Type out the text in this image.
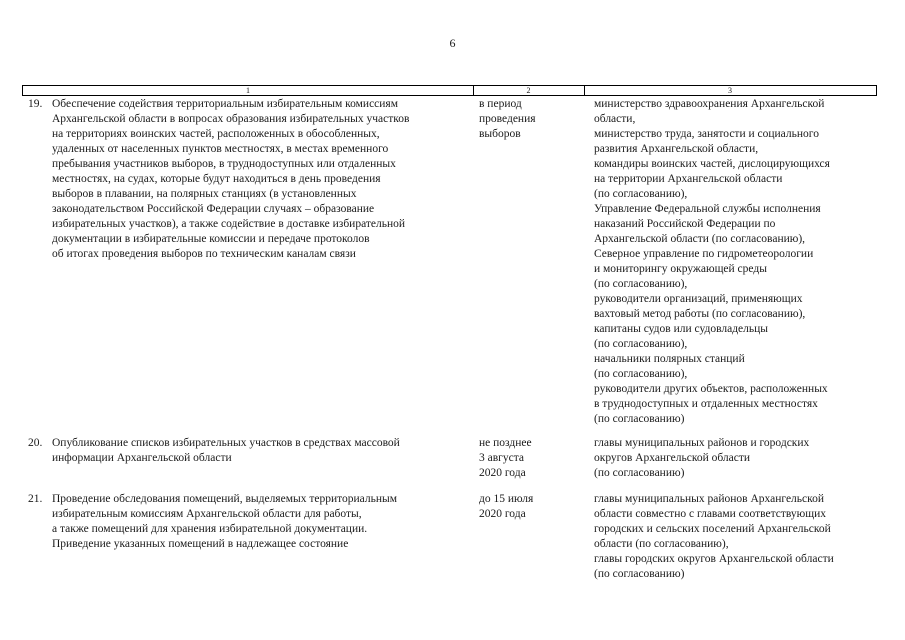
6
1	2	3
19. Обеспечение содействия территориальным избирательным комиссиям
Архангельской области в вопросах образования избирательных участков
на территориях воинских частей, расположенных в обособленных,
удаленных от населенных пунктов местностях, в местах временного
пребывания участников выборов, в труднодоступных или отдаленных
местностях, на судах, которые будут находиться в день проведения
выборов в плавании, на полярных станциях (в установленных
законодательством Российской Федерации случаях – образование
избирательных участков), а также содействие в доставке избирательной
документации в избирательные комиссии и передаче протоколов
об итогах проведения выборов по техническим каналам связи
в период
проведения
выборов
министерство здравоохранения Архангельской
области,
министерство труда, занятости и социального
развития Архангельской области,
командиры воинских частей, дислоцирующихся
на территории Архангельской области
(по согласованию),
Управление Федеральной службы исполнения
наказаний Российской Федерации по
Архангельской области (по согласованию),
Северное управление по гидрометеорологии
и мониторингу окружающей среды
(по согласованию),
руководители организаций, применяющих
вахтовый метод работы (по согласованию),
капитаны судов или судовладельцы
(по согласованию),
начальники полярных станций
(по согласованию),
руководители других объектов, расположенных
в труднодоступных и отдаленных местностях
(по согласованию)
20. Опубликование списков избирательных участков в средствах массовой
информации Архангельской области
не позднее
3 августа
2020 года
главы муниципальных районов и городских
округов Архангельской области
(по согласованию)
21. Проведение обследования помещений, выделяемых территориальным
избирательным комиссиям Архангельской области для работы,
а также помещений для хранения избирательной документации.
Приведение указанных помещений в надлежащее состояние
до 15 июля
2020 года
главы муниципальных районов Архангельской
области совместно с главами соответствующих
городских и сельских поселений Архангельской
области (по согласованию),
главы городских округов Архангельской области
(по согласованию)
